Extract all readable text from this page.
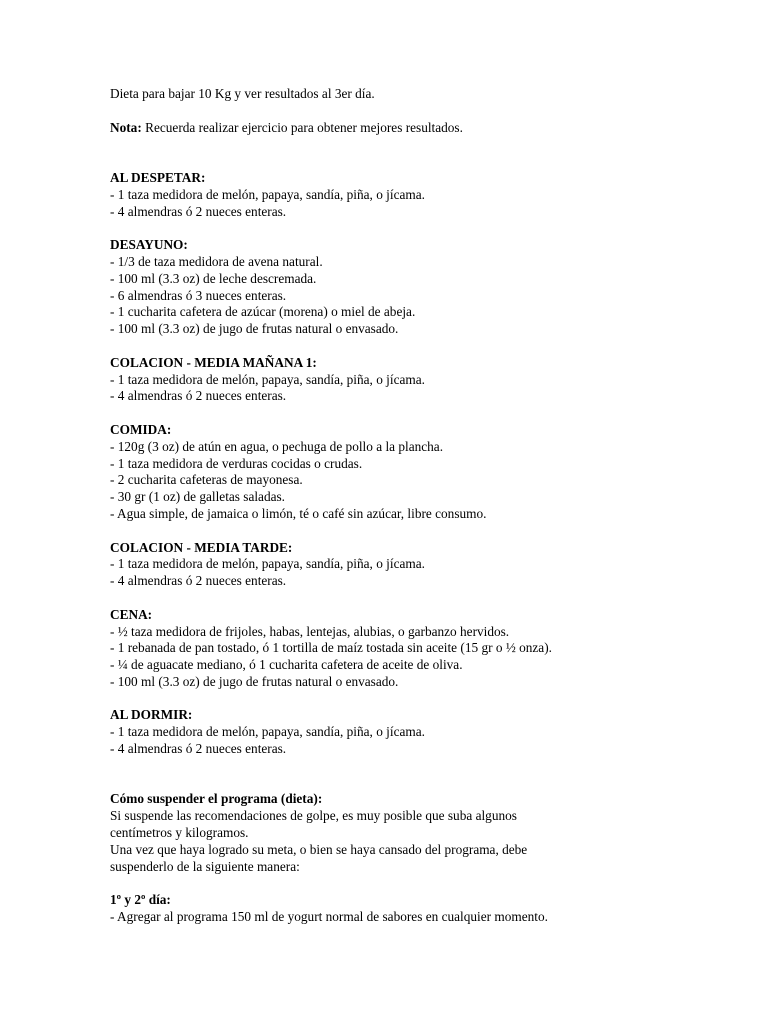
Dieta para bajar 10 Kg y ver resultados al 3er día.

Nota: Recuerda realizar ejercicio para obtener mejores resultados.

AL DESPETAR:

- 1 taza medidora de melón, papaya, sandía, piña, o jícama.

- 4 almendras ó 2 nueces enteras.

DESAYUNO:

- 1/3 de taza medidora de avena natural.

- 100 ml (3.3 oz) de leche descremada.

- 6 almendras ó 3 nueces enteras.

- 1 cucharita cafetera de azúcar (morena) o miel de abeja.

- 100 ml (3.3 oz) de jugo de frutas natural o envasado.

COLACION - MEDIA MAÑANA 1:

- 1 taza medidora de melón, papaya, sandía, piña, o jícama.

- 4 almendras ó 2 nueces enteras.

COMIDA:

- 120g (3 oz) de atún en agua, o pechuga de pollo a la plancha.

- 1 taza medidora de verduras cocidas o crudas.

- 2 cucharita cafeteras de mayonesa.

- 30 gr (1 oz) de galletas saladas.

- Agua simple, de jamaica o limón, té o café sin azúcar, libre consumo.

COLACION - MEDIA TARDE:

- 1 taza medidora de melón, papaya, sandía, piña, o jícama.

- 4 almendras ó 2 nueces enteras.

CENA:

- ½ taza medidora de frijoles, habas, lentejas, alubias, o garbanzo hervidos.

- 1 rebanada de pan tostado, ó 1 tortilla de maíz tostada sin aceite (15 gr o ½ onza).

- ¼ de aguacate mediano, ó 1 cucharita cafetera de aceite de oliva.

- 100 ml (3.3 oz) de jugo de frutas natural o envasado.

AL DORMIR:

- 1 taza medidora de melón, papaya, sandía, piña, o jícama.

- 4 almendras ó 2 nueces enteras.

Cómo suspender el programa (dieta):

Si suspende las recomendaciones de golpe, es muy posible que suba algunos

centímetros y kilogramos.

Una vez que haya logrado su meta, o bien se haya cansado del programa, debe

suspenderlo de la siguiente manera:

1º y 2º día:

- Agregar al programa 150 ml de yogurt normal de sabores en cualquier momento.
